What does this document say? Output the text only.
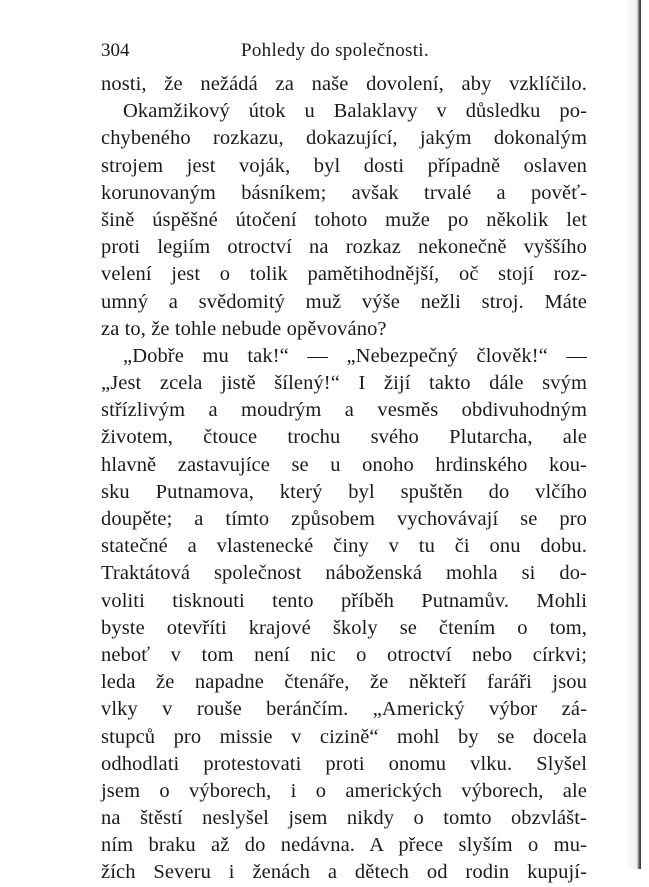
304	Pohledy do společnosti.
nosti, že nežádá za naše dovolení, aby vzklíčilo.
Okamžikový útok u Balaklavy v důsledku po-
chybeného rozkazu, dokazující, jakým dokonalým
strojem jest voják, byl dosti případně oslaven
korunovaným básníkem; avšak trvalé a pověť-
šině úspěšné útočení tohoto muže po několik let
proti legiím otroctví na rozkaz nekonečně vyššího
velení jest o tolik pamětihodnější, oč stojí roz-
umný a svědomitý muž výše nežli stroj. Máte
za to, že tohle nebude opěvováno?
„Dobře mu tak!“ — „Nebezpečný člověk!“ —
„Jest zcela jistě šílený!“ I žijí takto dále svým
střízlivým a moudrým a vesměs obdivuhodným
životem, čtouce trochu svého Plutarcha, ale
hlavně zastavujíce se u onoho hrdinského kou-
sku Putnamova, který byl spuštěn do vlčího
doupěte; a tímto způsobem vychovávají se pro
statečné a vlastenecké činy v tu či onu dobu.
Traktátová společnost náboženská mohla si do-
voliti tisknouti tento příběh Putnamův. Mohli
byste otevříti krajové školy se čtením o tom,
neboť v tom není nic o otroctví nebo církvi;
leda že napadne čtenáře, že někteří faráři jsou
vlky v rouše beránčím. „Americký výbor zá-
stupců pro missie v cizině“ mohl by se docela
odhodlati protestovati proti onomu vlku. Slyšel
jsem o výborech, i o amerických výborech, ale
na štěstí neslyšel jsem nikdy o tomto obzvlášt-
ním braku až do nedávna. A přece slyším o mu-
žích Severu i ženách a dětech od rodin kupují-
